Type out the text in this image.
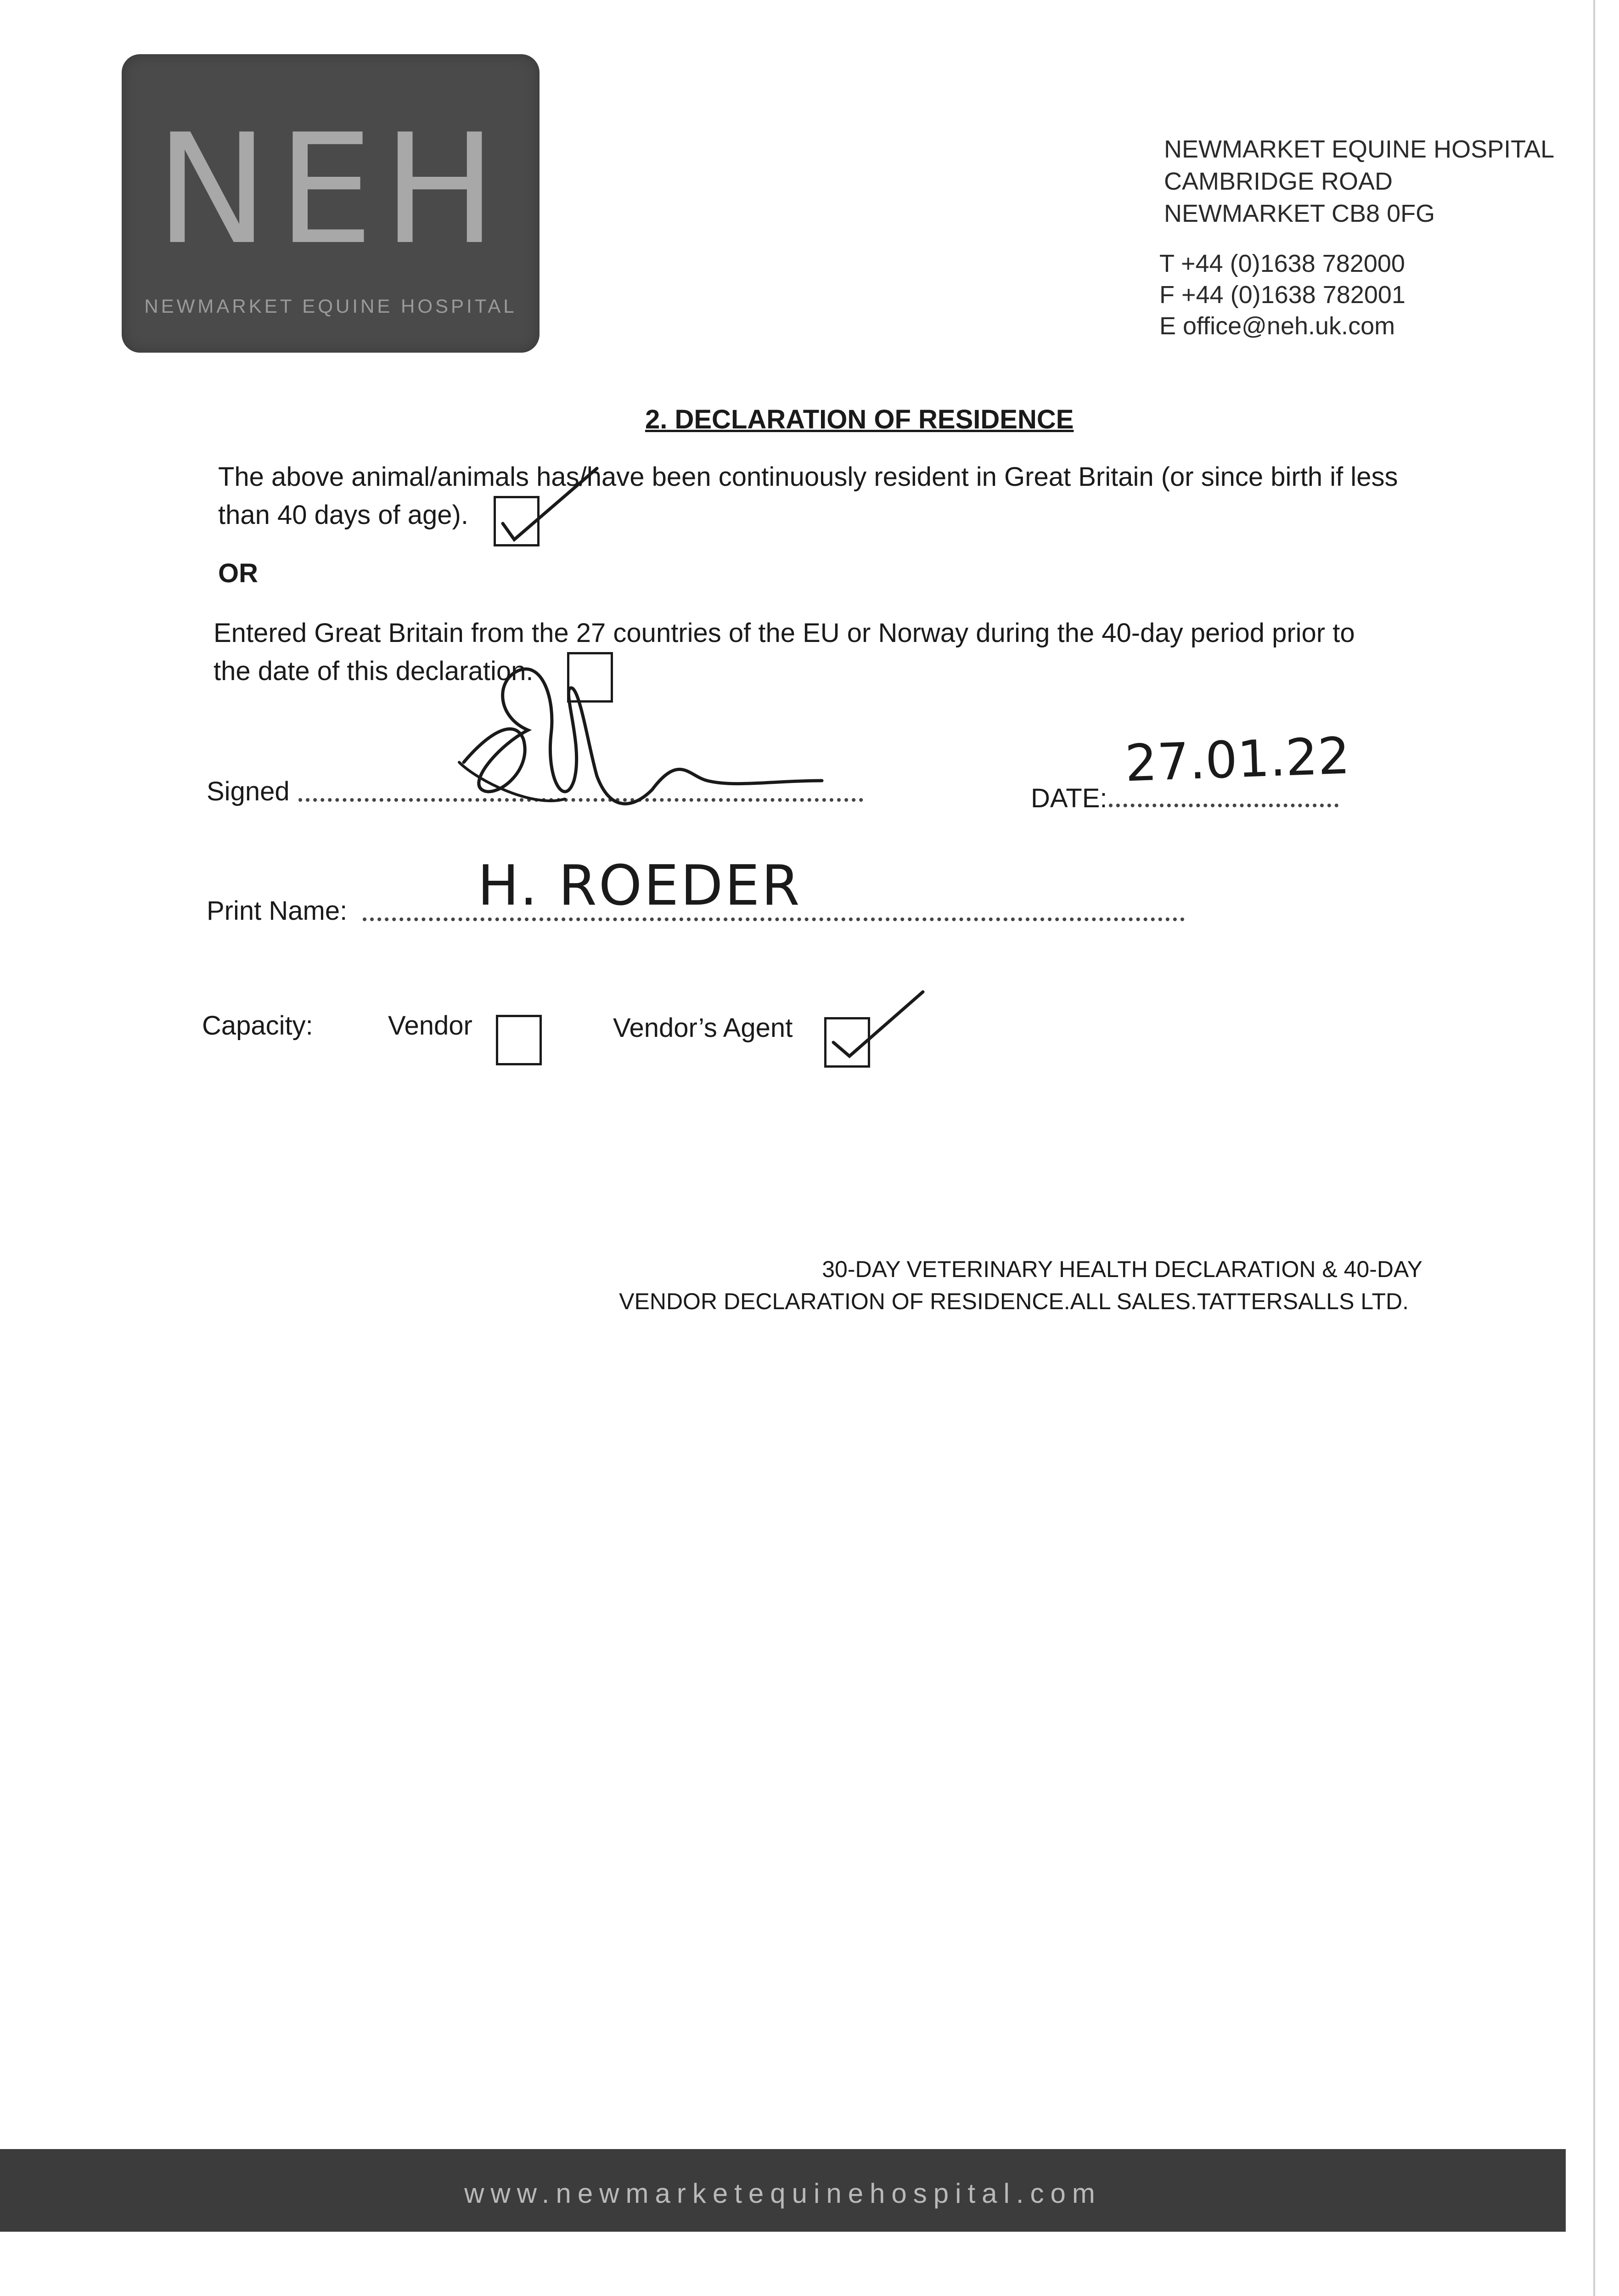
NEH
NEWMARKET EQUINE HOSPITAL
NEWMARKET EQUINE HOSPITAL
CAMBRIDGE ROAD
NEWMARKET CB8 0FG
T +44 (0)1638 782000
F +44 (0)1638 782001
E office@neh.uk.com
2. DECLARATION OF RESIDENCE
The above animal/animals has/have been continuously resident in Great Britain (or since birth if less
than 40 days of age).
OR
Entered Great Britain from the 27 countries of the EU or Norway during the 40-day period prior to
the date of this declaration.
Signed	DATE:
27.01.22
Print Name: H. ROEDER
Capacity:	Vendor	Vendor’s Agent
30-DAY VETERINARY HEALTH DECLARATION & 40-DAY
VENDOR DECLARATION OF RESIDENCE.ALL SALES.TATTERSALLS LTD.
www.newmarketequinehospital.com
